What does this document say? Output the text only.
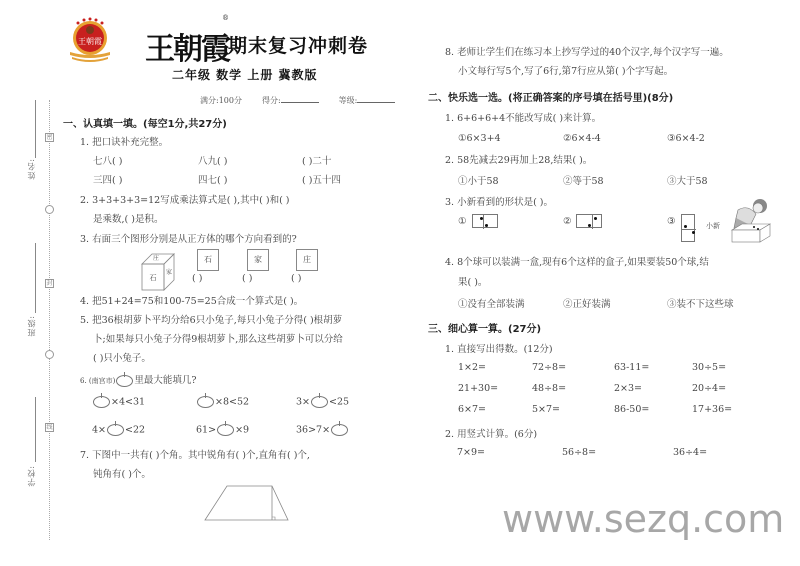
密
封
线
姓名:
班级:
学校:
王朝霞 王朝霞
®
期末复习冲刺卷
二年级 数学 上册 冀教版
满分:100分	得分:	等级:
一、认真填一填。(每空1分,共27分)
1. 把口诀补充完整。
七八( )	八九( )	( )二十
三四( )	四七( )	( )五十四
2. 3+3+3+3=12写成乘法算式是( ),其中( )和( )
是乘数,( )是积。
3. 右面三个图形分别是从正方体的哪个方向看到的?
庄
石
家
石	家	庄
( )	( )	( )
4. 把51+24=75和100-75=25合成一个算式是( )。
5. 把36根胡萝卜平均分给6只小兔子,每只小兔子分得( )根胡萝
卜;如果每只小兔子分得9根胡萝卜,那么这些胡萝卜可以分给
( )只小兔子。
6. (南宫市) 里最大能填几?
×4<31	×8<52	3× <25
4× <22	61> ×9	36>7×
7. 下图中一共有( )个角。其中锐角有( )个,直角有( )个,
钝角有( )个。
8. 老师让学生们在练习本上抄写学过的40个汉字,每个汉字写一遍。
小文每行写5个,写了6行,第7行应从第( )个字写起。
二、快乐选一选。(将正确答案的序号填在括号里)(8分)
1. 6+6+6+4不能改写成( )来计算。
①6×3+4	②6×4-4	③6×4-2
2. 58先减去29再加上28,结果( )。
①小于58	②等于58	③大于58
3. 小新看到的形状是( )。
①	②	③	小新
4. 8个球可以装满一盒,现有6个这样的盒子,如果要装50个球,结
果( )。
①没有全部装满	②正好装满	③装不下这些球
三、细心算一算。(27分)
1. 直接写出得数。(12分)
1×2=	72÷8=	63-11=	30÷5=
21+30=	48÷8=	2×3=	20÷4=
6×7=	5×7=	86-50=	17+36=
2. 用竖式计算。(6分)
7×9=	56÷8=	36÷4=
www.sezq.com
